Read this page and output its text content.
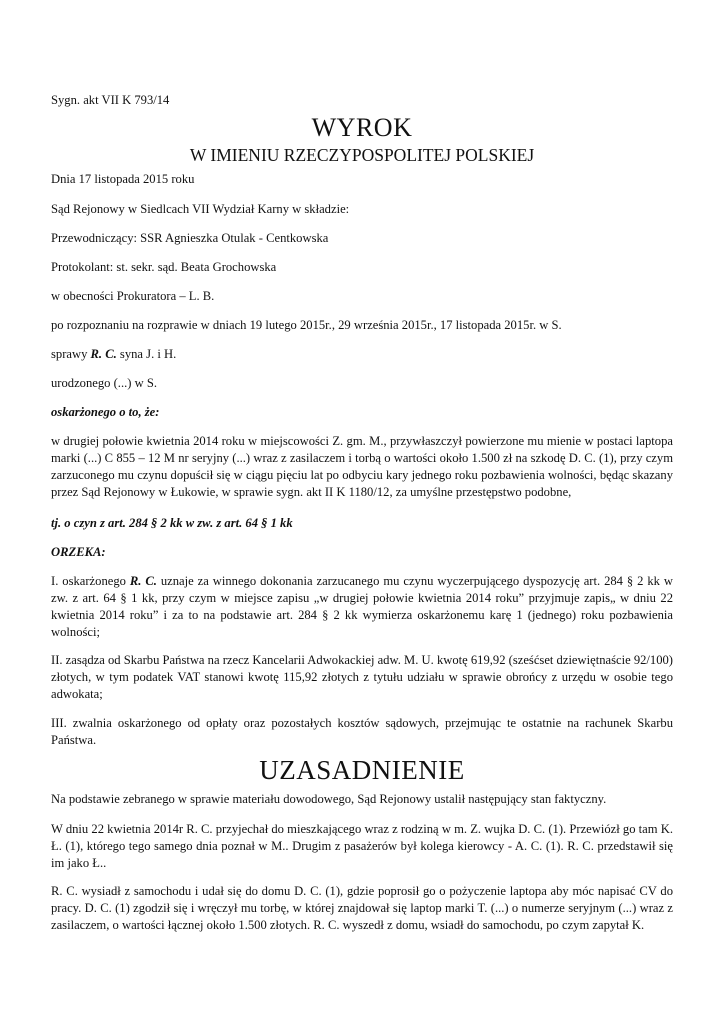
Sygn. akt VII K 793/14

WYROK

W IMIENIU RZECZYPOSPOLITEJ POLSKIEJ

Dnia 17 listopada 2015 roku

Sąd Rejonowy w Siedlcach VII Wydział Karny w składzie:

Przewodniczący: SSR Agnieszka Otulak - Centkowska

Protokolant: st. sekr. sąd. Beata Grochowska

w obecności Prokuratora – L. B.

po rozpoznaniu na rozprawie w dniach 19 lutego 2015r., 29 września 2015r., 17 listopada 2015r. w S.

sprawy R. C. syna J. i H.

urodzonego (...) w S.

oskarżonego o to, że:

w drugiej połowie kwietnia 2014 roku w miejscowości Z. gm. M., przywłaszczył powierzone mu mienie w postaci laptopa marki (...) C 855 – 12 M nr seryjny (...) wraz z zasilaczem i torbą o wartości około 1.500 zł na szkodę D. C. (1), przy czym zarzuconego mu czynu dopuścił się w ciągu pięciu lat po odbyciu kary jednego roku pozbawienia wolności, będąc skazany przez Sąd Rejonowy w Łukowie, w sprawie sygn. akt II K 1180/12, za umyślne przestępstwo podobne,

tj. o czyn z art. 284 § 2 kk w zw. z art. 64 § 1 kk

ORZEKA:

I. oskarżonego R. C. uznaje za winnego dokonania zarzucanego mu czynu wyczerpującego dyspozycję art. 284 § 2 kk w zw. z art. 64 § 1 kk, przy czym w miejsce zapisu „w drugiej połowie kwietnia 2014 roku” przyjmuje zapis„ w dniu 22 kwietnia 2014 roku” i za to na podstawie art. 284 § 2 kk wymierza oskarżonemu karę 1 (jednego) roku pozbawienia wolności;

II. zasądza od Skarbu Państwa na rzecz Kancelarii Adwokackiej adw. M. U. kwotę 619,92 (sześćset dziewiętnaście 92/100) złotych, w tym podatek VAT stanowi kwotę 115,92 złotych z tytułu udziału w sprawie obrońcy z urzędu w osobie tego adwokata;

III. zwalnia oskarżonego od opłaty oraz pozostałych kosztów sądowych, przejmując te ostatnie na rachunek Skarbu Państwa.

UZASADNIENIE

Na podstawie zebranego w sprawie materiału dowodowego, Sąd Rejonowy ustalił następujący stan faktyczny.

W dniu 22 kwietnia 2014r R. C. przyjechał do mieszkającego wraz z rodziną w m. Z. wujka D. C. (1). Przewiózł go tam K. Ł. (1), którego tego samego dnia poznał w M.. Drugim z pasażerów był kolega kierowcy - A. C. (1). R. C. przedstawił się im jako Ł..

R. C. wysiadł z samochodu i udał się do domu D. C. (1), gdzie poprosił go o pożyczenie laptopa aby móc napisać CV do pracy. D. C. (1) zgodził się i wręczył mu torbę, w której znajdował się laptop marki T. (...) o numerze seryjnym (...) wraz z zasilaczem, o wartości łącznej około 1.500 złotych. R. C. wyszedł z domu, wsiadł do samochodu, po czym zapytał K.
